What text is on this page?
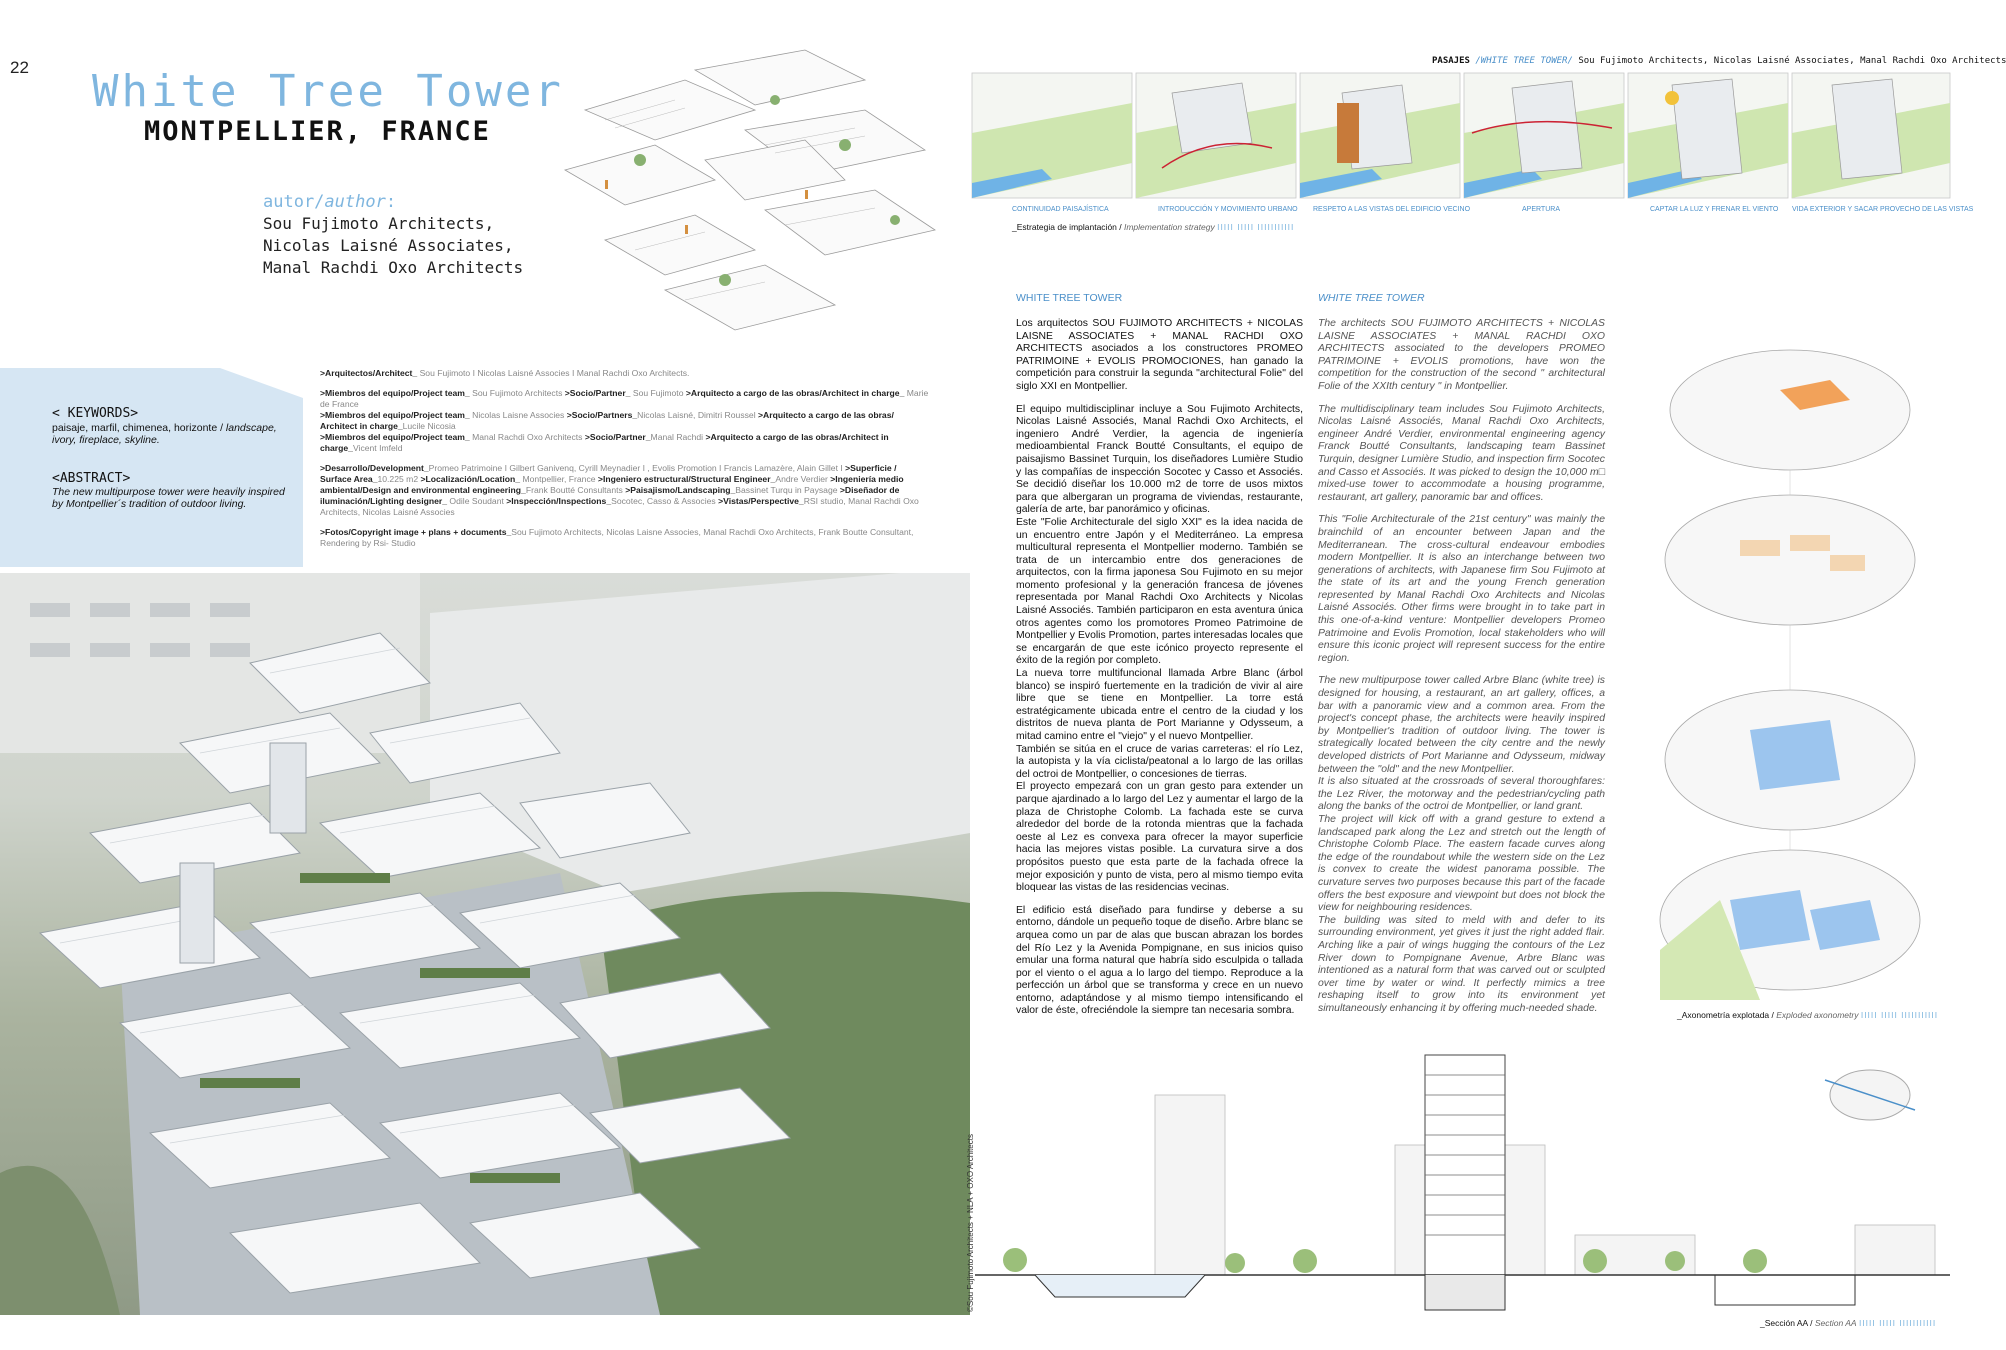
22 White Tree Tower
MONTPELLIER, FRANCE
autor/author:
Sou Fujimoto Architects,
Nicolas Laisné Associates,
Manal Rachdi Oxo Architects
< KEYWORDS>
paisaje, marfil, chimenea, horizonte / landscape, ivory, fireplace, skyline.
<ABSTRACT>
The new multipurpose tower were heavily inspired by Montpellier´s tradition of outdoor living.

>Arquitectos/Architect_ Sou Fujimoto I Nicolas Laisné Associes I Manal Rachdi Oxo Architects.

>Miembros del equipo/Project team_ Sou Fujimoto Architects >Socio/Partner_ Sou Fujimoto >Arquitecto a cargo de las obras/Architect in charge_ Marie de France
>Miembros del equipo/Project team_ Nicolas Laisne Associes >Socio/Partners_Nicolas Laisné, Dimitri Roussel >Arquitecto a cargo de las obras/ Architect in charge_Lucile Nicosia
>Miembros del equipo/Project team_ Manal Rachdi Oxo Architects >Socio/Partner_Manal Rachdi >Arquitecto a cargo de las obras/Architect in charge_Vicent Imfeld

>Desarrollo/Development_Promeo Patrimoine I Gilbert Ganivenq, Cyrill Meynadier I , Evolis Promotion I Francis Lamazère, Alain Gillet I >Superficie / Surface Area_10.225 m2 >Localización/Location_ Montpellier, France >Ingeniero estructural/Structural Engineer_Andre Verdier >Ingeniería medio ambiental/Design and environmental engineering_Frank Boutté Consultants >Paisajismo/Landscaping_Bassinet Turqu in Paysage >Diseñador de iluminación/Lighting designer_ Odile Soudant >Inspección/Inspections_Socotec, Casso & Associes >Vistas/Perspective_RSI studio, Manal Rachdi Oxo Architects, Nicolas Laisné Associes

>Fotos/Copyright image + plans + documents_Sou Fujimoto Architects, Nicolas Laisne Associes, Manal Rachdi Oxo Architects, Frank Boutte Consultant, Rendering by Rsi- Studio

©Sou Fujimoto Architects + NLA + OXO Architects
PASAJES /WHITE TREE TOWER/ Sou Fujimoto Architects, Nicolas Laisné Associates, Manal Rachdi Oxo Architects
CONTINUIDAD PAISAJÍSTICA	INTRODUCCIÓN Y MOVIMIENTO URBANO RESPETO A LAS VISTAS DEL EDIFICIO VECINO	APERTURA	CAPTAR LA LUZ Y FRENAR EL VIENTO VIDA EXTERIOR Y SACAR PROVECHO DE LAS VISTAS
_Estrategia de implantación / Implementation strategy IIIII IIIII IIIIIIIIIII
WHITE TREE TOWER

Los arquitectos SOU FUJIMOTO ARCHITECTS + NICOLAS LAISNE ASSOCIATES + MANAL RACHDI OXO ARCHITECTS asociados a los constructores PROMEO PATRIMOINE + EVOLIS PROMOCIONES, han ganado la competición para construir la segunda "architectural Folie" del siglo XXI en Montpellier.

El equipo multidisciplinar incluye a Sou Fujimoto Architects, Nicolas Laisné Associés, Manal Rachdi Oxo Architects, el ingeniero André Verdier, la agencia de ingeniería medioambiental Franck Boutté Consultants, el equipo de paisajismo Bassinet Turquin, los diseñadores Lumière Studio y las compañías de inspección Socotec y Casso et Associés. Se decidió diseñar los 10.000 m2 de torre de usos mixtos para que albergaran un programa de viviendas, restaurante, galería de arte, bar panorámico y oficinas.

Este "Folie Architecturale del siglo XXI" es la idea nacida de un encuentro entre Japón y el Mediterráneo. La empresa multicultural representa el Montpellier moderno. También se trata de un intercambio entre dos generaciones de arquitectos, con la firma japonesa Sou Fujimoto en su mejor momento profesional y la generación francesa de jóvenes representada por Manal Rachdi Oxo Architects y Nicolas Laisné Associés. También participaron en esta aventura única otros agentes como los promotores Promeo Patrimoine de Montpellier y Evolis Promotion, partes interesadas locales que se encargarán de que este icónico proyecto represente el éxito de la región por completo.

La nueva torre multifuncional llamada Arbre Blanc (árbol blanco) se inspiró fuertemente en la tradición de vivir al aire libre que se tiene en Montpellier. La torre está estratégicamente ubicada entre el centro de la ciudad y los distritos de nueva planta de Port Marianne y Odysseum, a mitad camino entre el "viejo" y el nuevo Montpellier.

También se sitúa en el cruce de varias carreteras: el río Lez, la autopista y la vía ciclista/peatonal a lo largo de las orillas del octroi de Montpellier, o concesiones de tierras.

El proyecto empezará con un gran gesto para extender un parque ajardinado a lo largo del Lez y aumentar el largo de la plaza de Christophe Colomb. La fachada este se curva alrededor del borde de la rotonda mientras que la fachada oeste al Lez es convexa para ofrecer la mayor superficie hacia las mejores vistas posible. La curvatura sirve a dos propósitos puesto que esta parte de la fachada ofrece la mejor exposición y punto de vista, pero al mismo tiempo evita bloquear las vistas de las residencias vecinas.

El edificio está diseñado para fundirse y deberse a su entorno, dándole un pequeño toque de diseño. Arbre blanc se arquea como un par de alas que buscan abrazan los bordes del Río Lez y la Avenida Pompignane, en sus inicios quiso emular una forma natural que habría sido esculpida o tallada por el viento o el agua a lo largo del tiempo. Reproduce a la perfección un árbol que se transforma y crece en un nuevo entorno, adaptándose y al mismo tiempo intensificando el valor de éste, ofreciéndole la siempre tan necesaria sombra.

WHITE TREE TOWER

The architects SOU FUJIMOTO ARCHITECTS + NICOLAS LAISNE ASSOCIATES + MANAL RACHDI OXO ARCHITECTS associated to the developers PROMEO PATRIMOINE + EVOLIS promotions, have won the competition for the construction of the second " architectural Folie of the XXIth century " in Montpellier.

The multidisciplinary team includes Sou Fujimoto Architects, Nicolas Laisné Associés, Manal Rachdi Oxo Architects, engineer André Verdier, environmental engineering agency Franck Boutté Consultants, landscaping team Bassinet Turquin, designer Lumière Studio, and inspection firm Socotec and Casso et Associés. It was picked to design the 10,000 m□ mixed-use tower to accommodate a housing programme, restaurant, art gallery, panoramic bar and offices.

This "Folie Architecturale of the 21st century" was mainly the brainchild of an encounter between Japan and the Mediterranean. The cross-cultural endeavour embodies modern Montpellier. It is also an interchange between two generations of architects, with Japanese firm Sou Fujimoto at the state of its art and the young French generation represented by Manal Rachdi Oxo Architects and Nicolas Laisné Associés. Other firms were brought in to take part in this one-of-a-kind venture: Montpellier developers Promeo Patrimoine and Evolis Promotion, local stakeholders who will ensure this iconic project will represent success for the entire region.

The new multipurpose tower called Arbre Blanc (white tree) is designed for housing, a restaurant, an art gallery, offices, a bar with a panoramic view and a common area. From the project's concept phase, the architects were heavily inspired by Montpellier's tradition of outdoor living. The tower is strategically located between the city centre and the newly developed districts of Port Marianne and Odysseum, midway between the "old" and the new Montpellier.

It is also situated at the crossroads of several thoroughfares: the Lez River, the motorway and the pedestrian/cycling path along the banks of the octroi de Montpellier, or land grant.

The project will kick off with a grand gesture to extend a landscaped park along the Lez and stretch out the length of Christophe Colomb Place. The eastern facade curves along the edge of the roundabout while the western side on the Lez is convex to create the widest panorama possible. The curvature serves two purposes because this part of the facade offers the best exposure and viewpoint but does not block the view for neighbouring residences.

The building was sited to meld with and defer to its surrounding environment, yet gives it just the right added flair. Arching like a pair of wings hugging the contours of the Lez River down to Pompignane Avenue, Arbre Blanc was intentioned as a natural form that was carved out or sculpted over time by water or wind. It perfectly mimics a tree reshaping itself to grow into its environment yet simultaneously enhancing it by offering much-needed shade.

_Axonometría explotada / Exploded axonometry IIIII IIIII IIIIIIIIIII
_Sección AA / Section AA IIIII IIIII IIIIIIIIIII
